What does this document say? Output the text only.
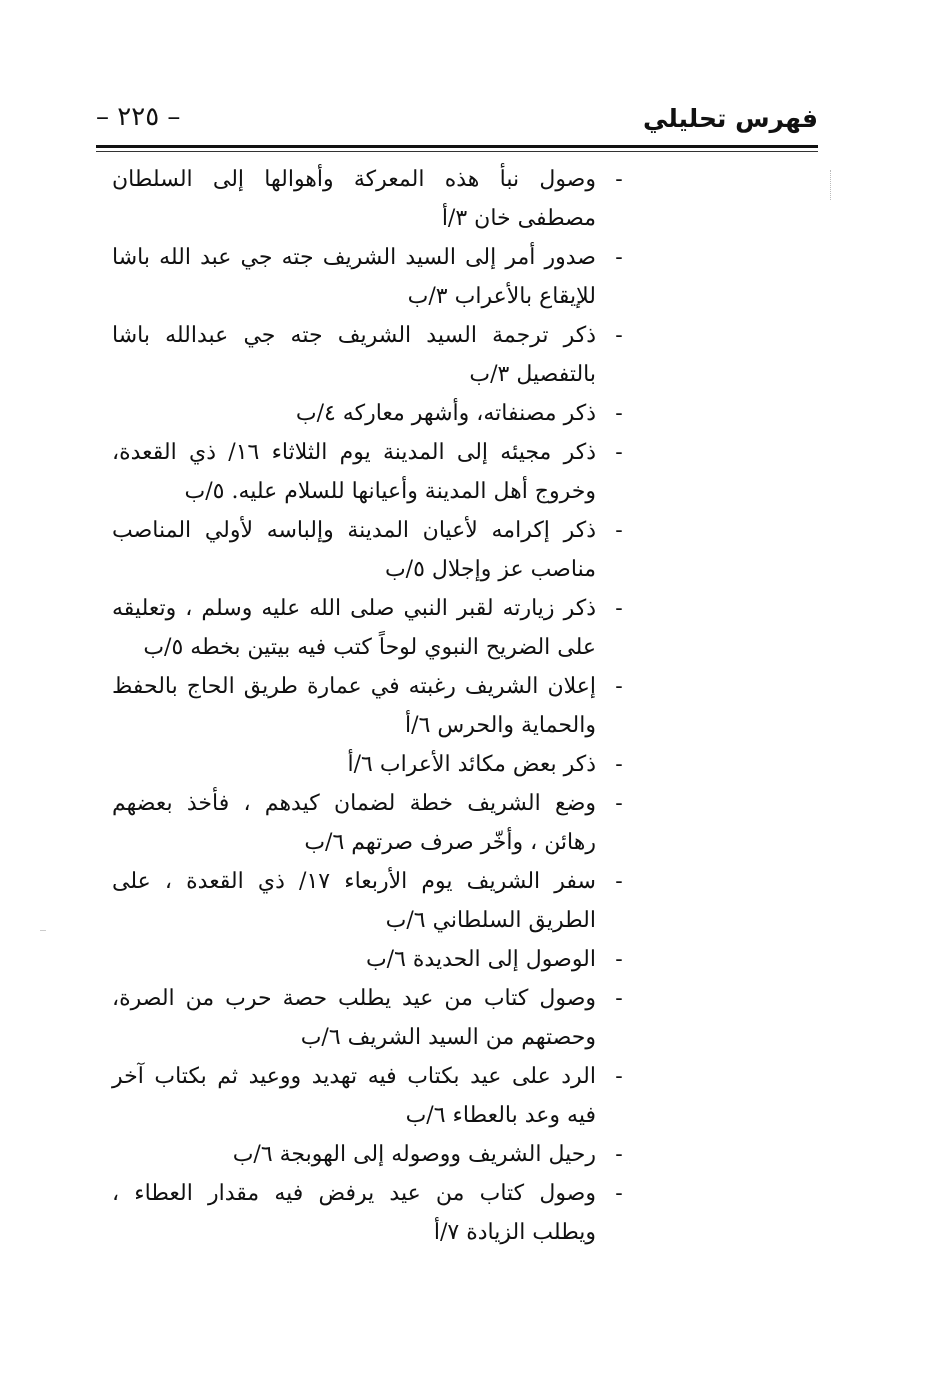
فهرس تحليلي
– ٢٢٥ –
-
وصول نبأ هذه المعركة وأهوالها إلى السلطان مصطفى خان ٣/أ
-
صدور أمر إلى السيد الشريف جته جي عبد الله باشا للإيقاع بالأعراب ٣/ب
-
ذكر ترجمة السيد الشريف جته جي عبدالله باشا بالتفصيل ٣/ب
-
ذكر مصنفاته، وأشهر معاركه ٤/ب
-
ذكر مجيئه إلى المدينة يوم الثلاثاء ١٦/ ذي القعدة، وخروج أهل المدينة وأعيانها للسلام عليه. ٥/ب
-
ذكر إكرامه لأعيان المدينة وإلباسه لأولي المناصب مناصب عز وإجلال ٥/ب
-
ذكر زيارته لقبر النبي صلى الله عليه وسلم ، وتعليقه على الضريح النبوي لوحاً كتب فيه بيتين بخطه ٥/ب
-
إعلان الشريف رغبته في عمارة طريق الحاج بالحفظ والحماية والحرس ٦/أ
-
ذكر بعض مكائد الأعراب ٦/أ
-
وضع الشريف خطة لضمان كيدهم ، فأخذ بعضهم رهائن ، وأخّر صرف صرتهم ٦/ب
-
سفر الشريف يوم الأربعاء ١٧/ ذي القعدة ، على الطريق السلطاني ٦/ب
-
الوصول إلى الحديدة ٦/ب
-
وصول كتاب من عيد يطلب حصة حرب من الصرة، وحصتهم من السيد الشريف ٦/ب
-
الرد على عيد بكتاب فيه تهديد ووعيد ثم بكتاب آخر فيه وعد بالعطاء ٦/ب
-
رحيل الشريف ووصوله إلى الهوبجة ٦/ب
-
وصول كتاب من عيد يرفض فيه مقدار العطاء ، ويطلب الزيادة ٧/أ
